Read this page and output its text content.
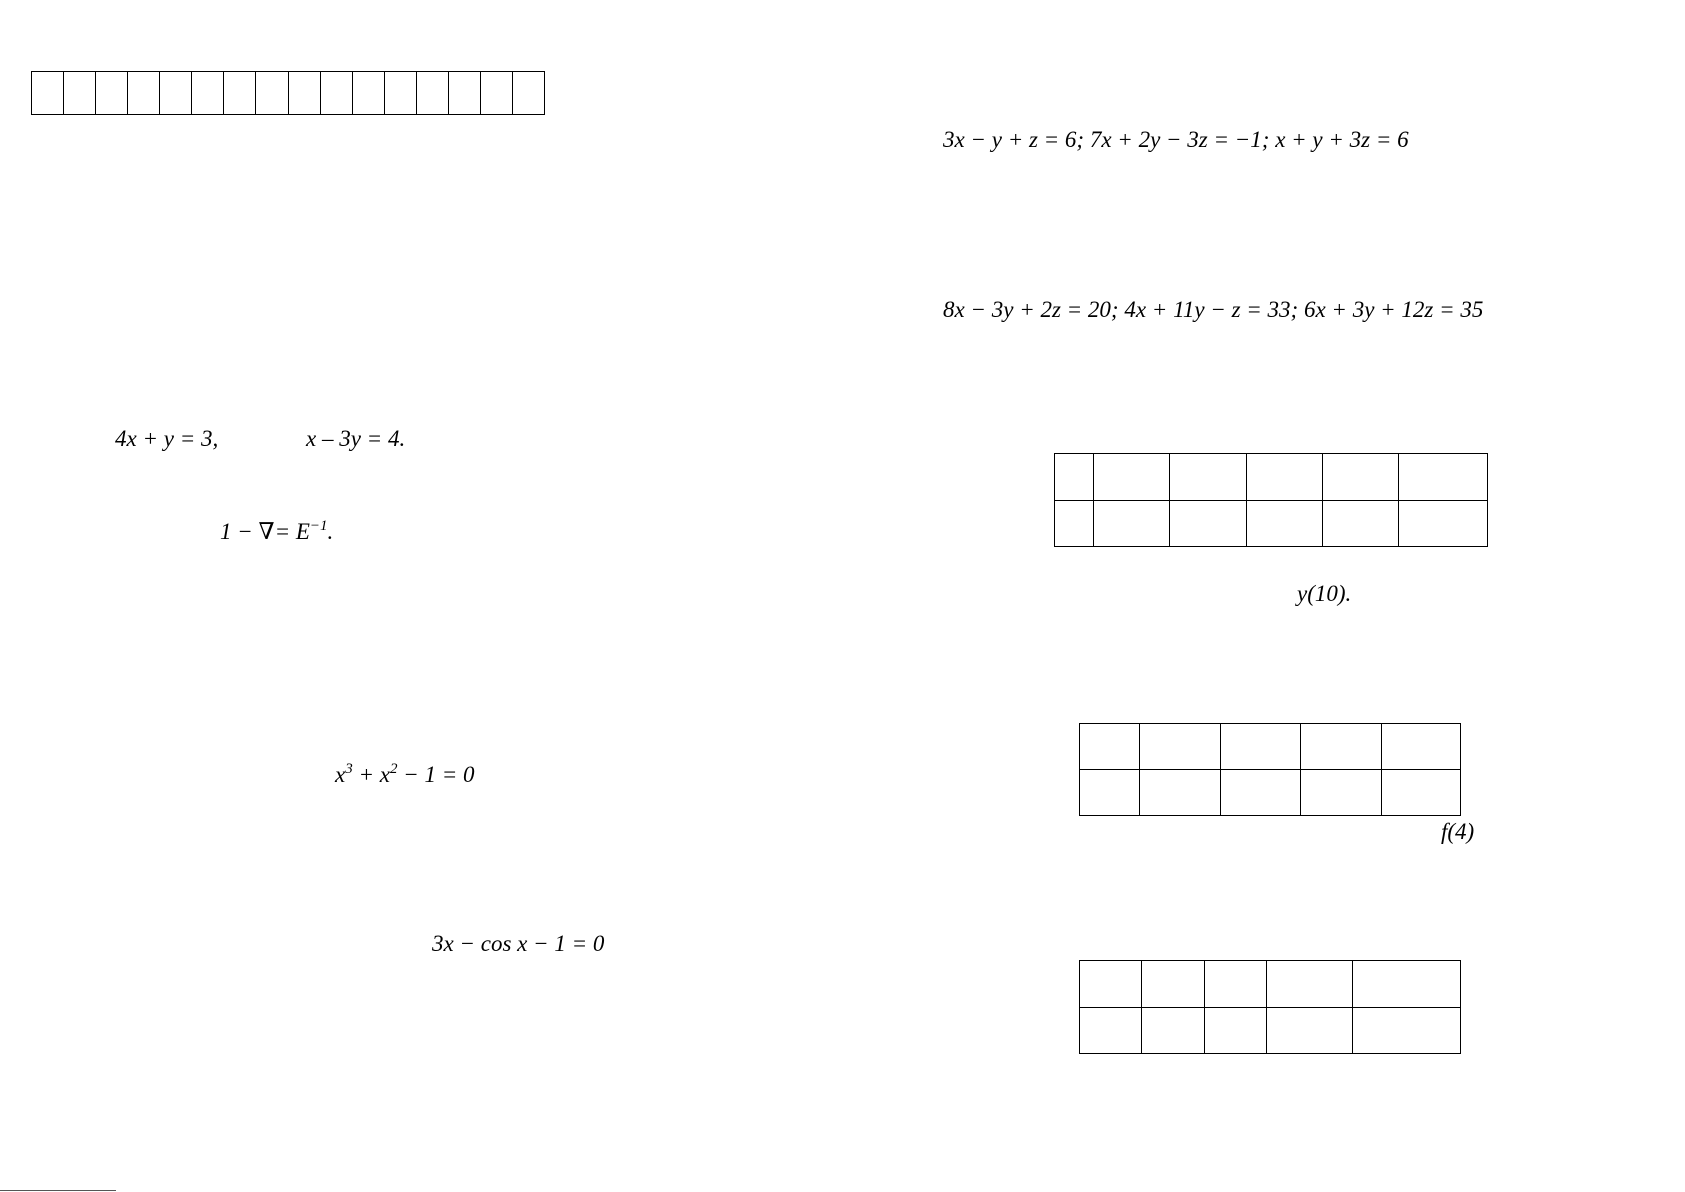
4x + y = 3,	x – 3y = 4.
1 − ∇= $E^{-1}$.
$x^3 + x^2 - 1 = 0$
3x − cos x − 1 = 0
3x − y + z = 6; 7x + 2y − 3z = −1; x + y + 3z = 6
8x − 3y + 2z = 20; 4x + 11y − z = 33; 6x + 3y + 12z = 35

y(10).

f(4)
